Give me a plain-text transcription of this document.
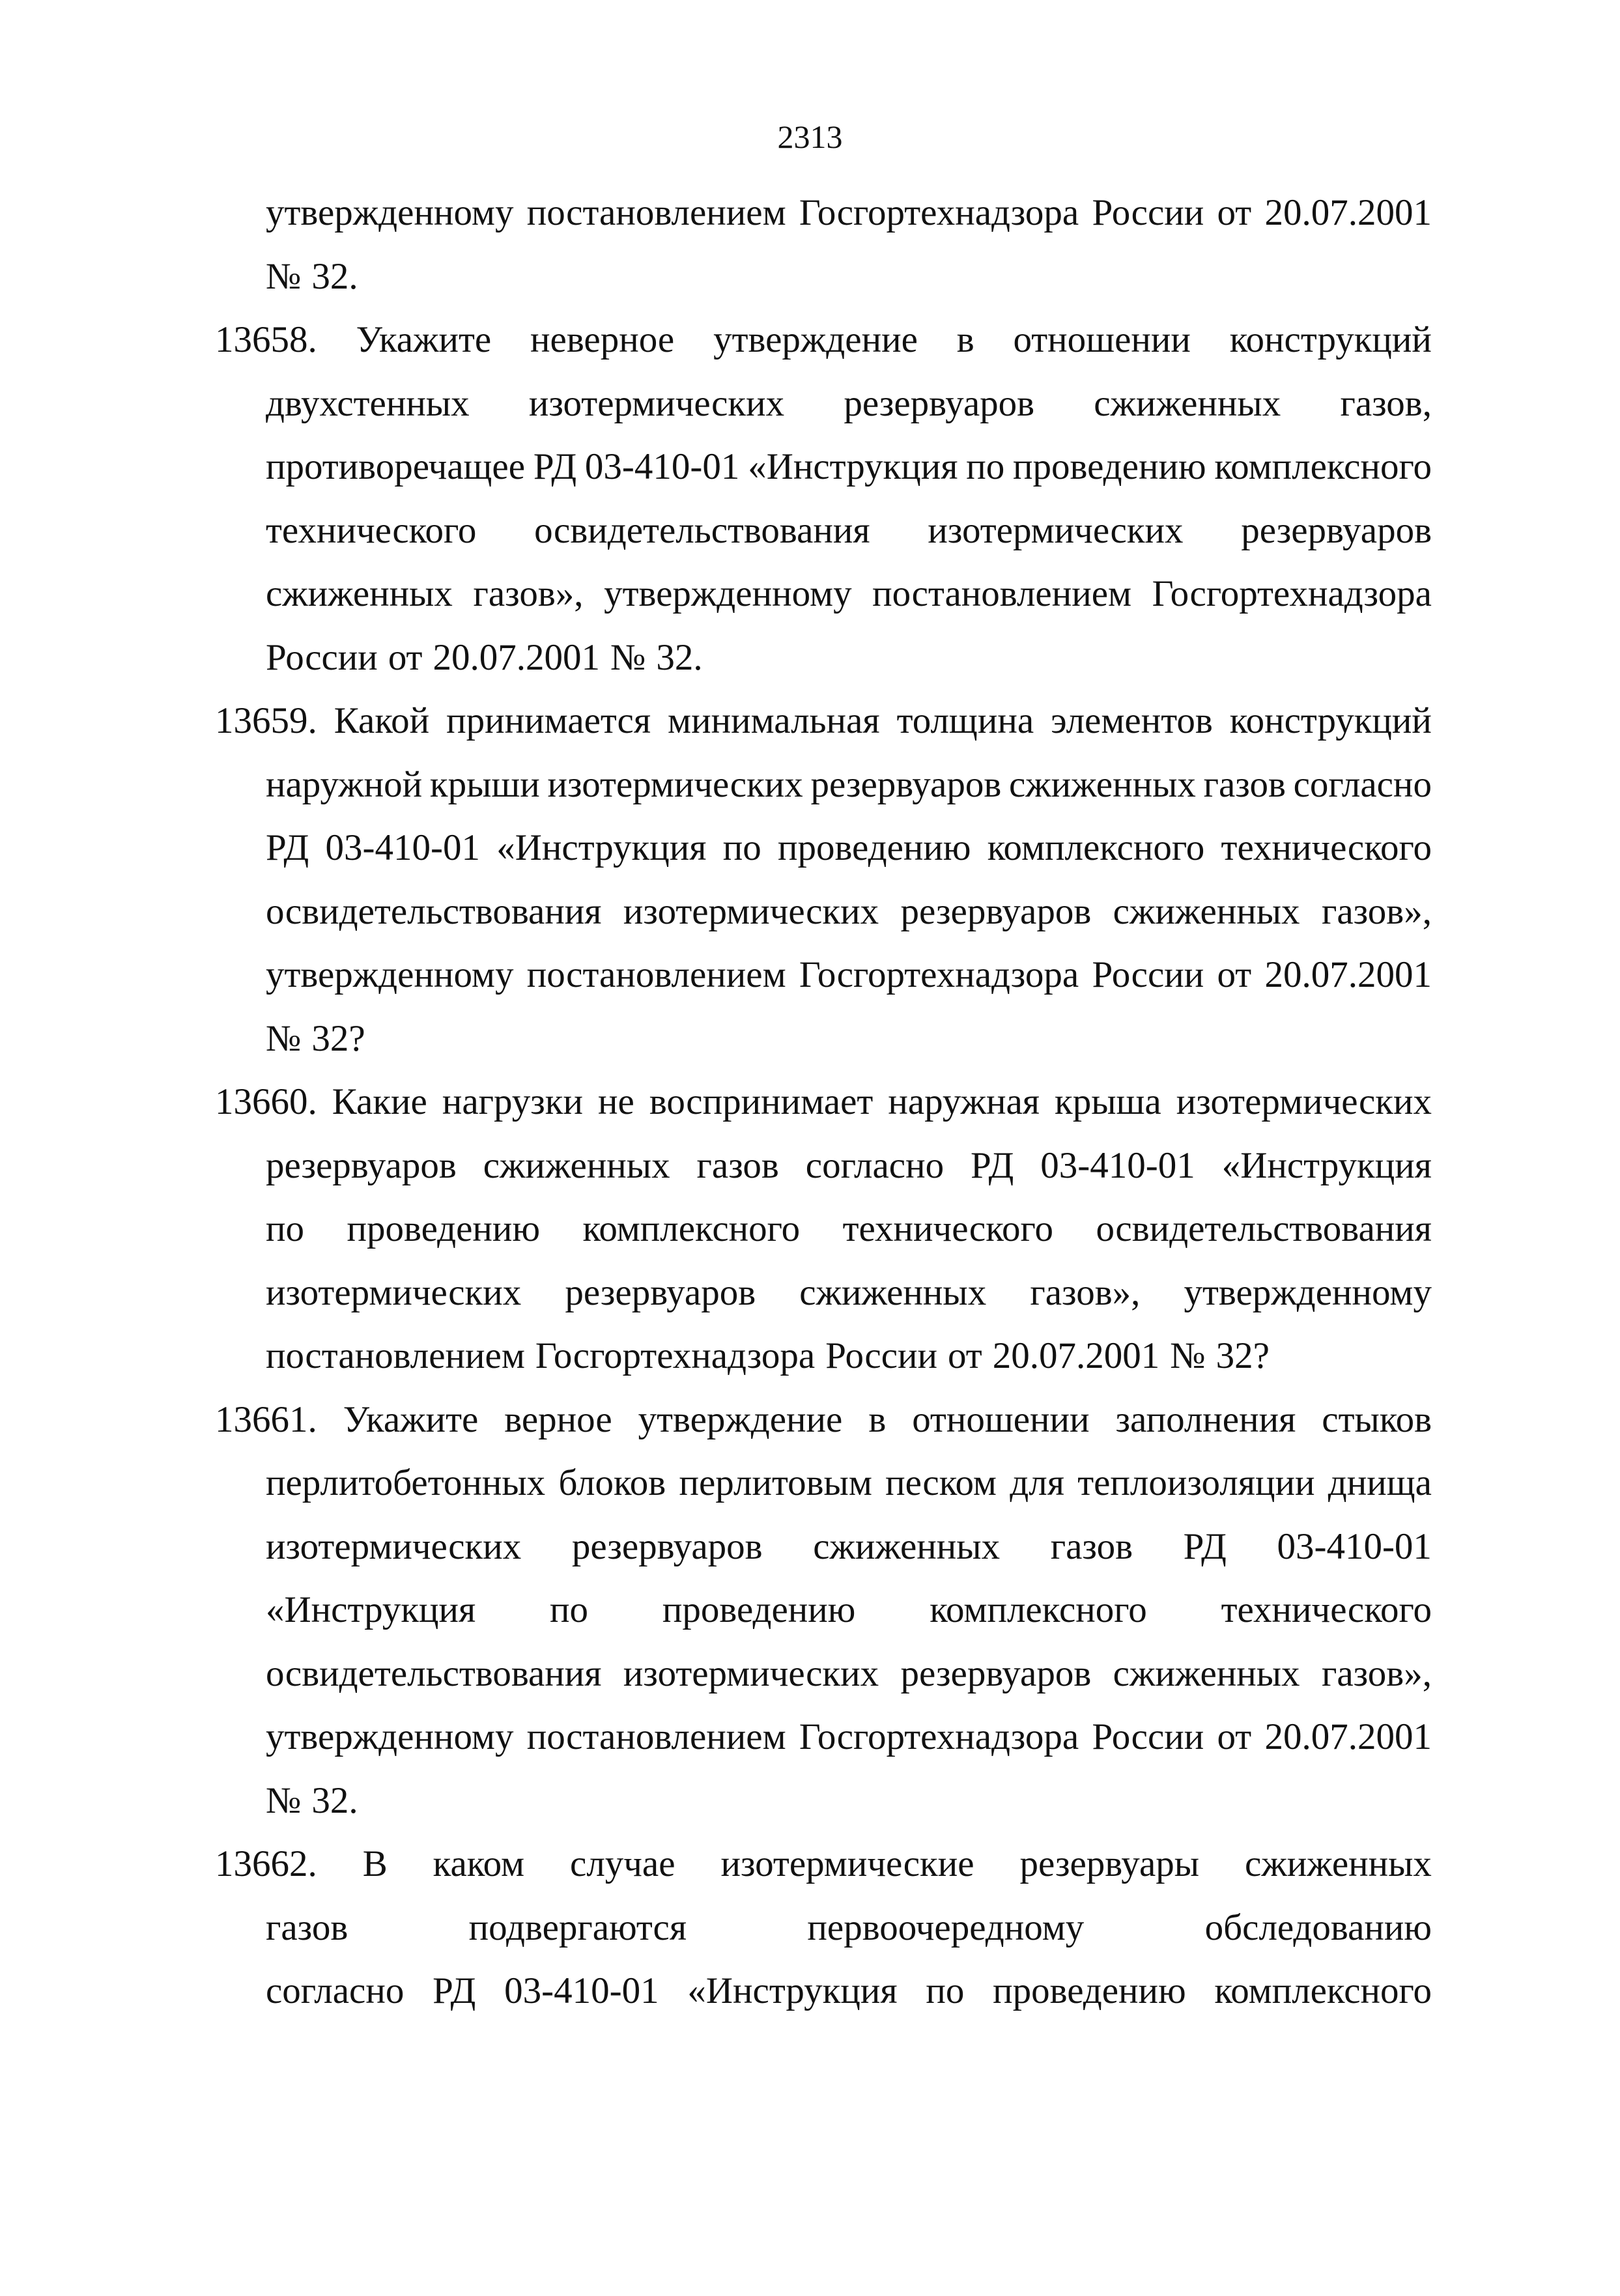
2313
утвержденному постановлением Госгортехнадзора России от 20.07.2001
№ 32.
13658. Укажите неверное утверждение в отношении конструкций
двухстенных изотермических резервуаров сжиженных газов,
противоречащее РД 03-410-01 «Инструкция по проведению комплексного
технического освидетельствования изотермических резервуаров
сжиженных газов», утвержденному постановлением Госгортехнадзора
России от 20.07.2001 № 32.
13659. Какой принимается минимальная толщина элементов конструкций
наружной крыши изотермических резервуаров сжиженных газов согласно
РД 03-410-01 «Инструкция по проведению комплексного технического
освидетельствования изотермических резервуаров сжиженных газов»,
утвержденному постановлением Госгортехнадзора России от 20.07.2001
№ 32?
13660. Какие нагрузки не воспринимает наружная крыша изотермических
резервуаров сжиженных газов согласно РД 03-410-01 «Инструкция
по проведению комплексного технического освидетельствования
изотермических резервуаров сжиженных газов», утвержденному
постановлением Госгортехнадзора России от 20.07.2001 № 32?
13661. Укажите верное утверждение в отношении заполнения стыков
перлитобетонных блоков перлитовым песком для теплоизоляции днища
изотермических резервуаров сжиженных газов РД 03-410-01
«Инструкция по проведению комплексного технического
освидетельствования изотермических резервуаров сжиженных газов»,
утвержденному постановлением Госгортехнадзора России от 20.07.2001
№ 32.
13662. В каком случае изотермические резервуары сжиженных
газов	подвергаются	первоочередному	обследованию
согласно РД 03-410-01 «Инструкция по проведению комплексного
